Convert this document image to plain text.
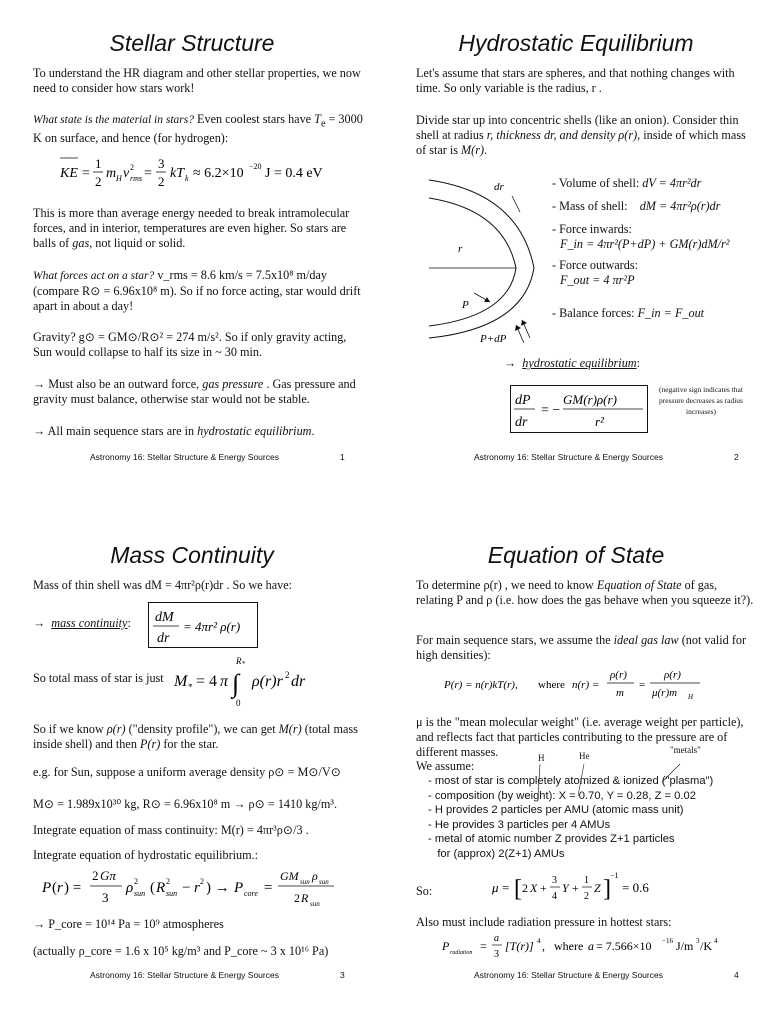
Stellar Structure
To understand the HR diagram and other stellar properties, we now need to consider how stars work!
What state is the material in stars? Even coolest stars have $T_e = 3000$ K on surface, and hence (for hydrogen):
KE =
1
2
m H v 2
rms =
3
2
kT k ≈ 6.2×10 −20 J = 0.4 eV
This is more than average energy needed to break intramolecular forces, and in interior, temperatures are even higher. So stars are balls of gas, not liquid or solid.
What forces act on a star? v_rms = 8.6 km/s = 7.5x10⁸ m/day (compare R⊙ = 6.96x10⁸ m). So if no force acting, star would drift apart in about a day!
Gravity? g⊙ = GM⊙/R⊙² = 274 m/s². So if only gravity acting, Sun would collapse to half its size in ~ 30 min.
→ Must also be an outward force, gas pressure . Gas pressure and gravity must balance, otherwise star would not be stable.
→ All main sequence stars are in hydrostatic equilibrium.
Astronomy 16: Stellar Structure & Energy Sources	1
Hydrostatic Equilibrium
Let's assume that stars are spheres, and that nothing changes with time. So only variable is the radius, r .
Divide star up into concentric shells (like an onion). Consider thin shell at radius r, thickness dr, and density ρ(r), inside of which mass of star is M(r).
dr
r
P
P+dP
- Volume of shell: dV = 4πr²dr
- Mass of shell: dM = 4πr²ρ(r)dr
- Force inwards:
F_in = 4πr²(P+dP) + GM(r)dM/r²
- Force outwards:
F_out = 4 πr²P
- Balance forces: F_in = F_out
→ hydrostatic equilibrium:
dP
dr
= −
GM(r)ρ(r)
r²
(negative sign indicates that pressure decreases as radius increases)
Astronomy 16: Stellar Structure & Energy Sources	2
Mass Continuity
Mass of thin shell was dM = 4πr²ρ(r)dr . So we have:
→ mass continuity:	dM
dr
= 4πr² ρ(r)
So total mass of star is just M * = 4 π ∫
R *
0
ρ(r)r 2 dr
So if we know ρ(r) ("density profile"), we can get M(r) (total mass inside shell) and then P(r) for the star.
e.g. for Sun, suppose a uniform average density ρ⊙ = M⊙/V⊙
M⊙ = 1.989x10³⁰ kg, R⊙ = 6.96x10⁸ m → ρ⊙ = 1410 kg/m³.
Integrate equation of mass continuity: M(r) = 4πr³ρ⊙/3 .
Integrate equation of hydrostatic equilibrium.:
P ( r ) =
2 Gπ
3
ρ 2
sun ( R 2
sun − r 2 ) → P core =
GM sun ρ sun
2 R sun
→ P_core = 10¹⁴ Pa = 10⁹ atmospheres
(actually ρ_core = 1.6 x 10⁵ kg/m³ and P_core ~ 3 x 10¹⁶ Pa)
Astronomy 16: Stellar Structure & Energy Sources	3
Equation of State
To determine ρ(r) , we need to know Equation of State of gas, relating P and ρ (i.e. how does the gas behave when you squeeze it?).
For main sequence stars, we assume the ideal gas law (not valid for high densities):
P(r) = n(r)kT(r), where n(r) =
ρ(r)
m
=
ρ(r)
μ(r)m H
μ is the "mean molecular weight" (i.e. average weight per particle), and reflects fact that particles contributing to the pressure are of different masses.	H	He
"metals"
We assume:
- most of star is completely atomized & ionized ("plasma")
- composition (by weight): X = 0.70, Y = 0.28, Z = 0.02
- H provides 2 particles per AMU (atomic mass unit)
- He provides 3 particles per 4 AMUs
- metal of atomic number Z provides Z+1 particles
for (approx) 2(Z+1) AMUs
So:	μ = [ 2 X +
3
4
Y +
1
2
Z ]
−1
= 0.6
Also must include radiation pressure in hottest stars:
P radiation =
a
3
[T(r)] 4 , where a = 7.566×10 −16 J/m 3 /K 4
Astronomy 16: Stellar Structure & Energy Sources	4
